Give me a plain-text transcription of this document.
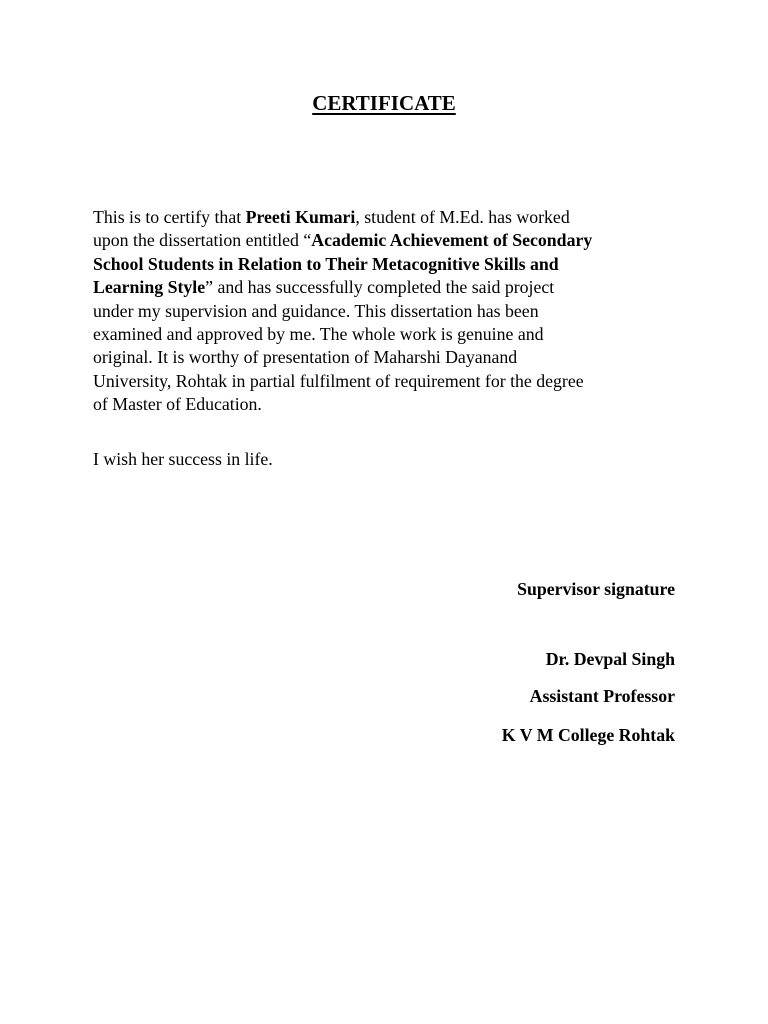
CERTIFICATE

This is to certify that Preeti Kumari, student of M.Ed. has worked
upon the dissertation entitled “Academic Achievement of Secondary
School Students in Relation to Their Metacognitive Skills and
Learning Style” and has successfully completed the said project
under my supervision and guidance. This dissertation has been
examined and approved by me. The whole work is genuine and
original. It is worthy of presentation of Maharshi Dayanand
University, Rohtak in partial fulfilment of requirement for the degree
of Master of Education.

I wish her success in life.

Supervisor signature

Dr. Devpal Singh

Assistant Professor

K V M College Rohtak
